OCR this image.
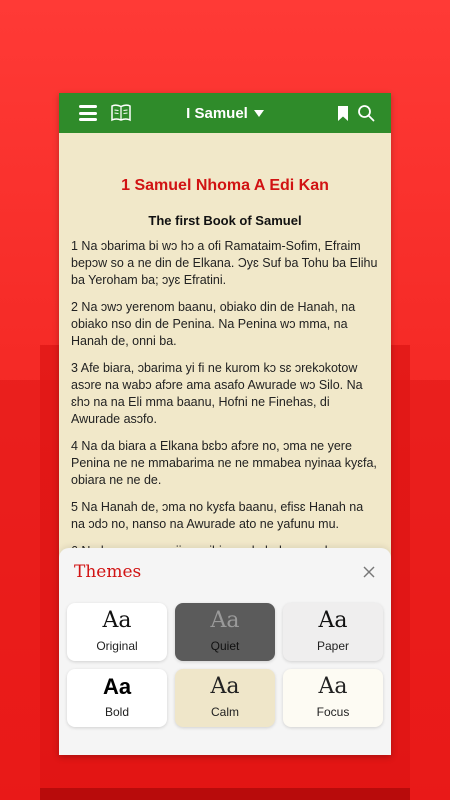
I Samuel
1 Samuel Nhoma A Edi Kan
The first Book of Samuel

1 Na ɔbarima bi wɔ hɔ a ofi Ramataim-Sofim, Efraim bepɔw so a ne din de Elkana. Ɔyɛ Suf ba Tohu ba Elihu ba Yeroham ba; ɔyɛ Efratini.

2 Na ɔwɔ yerenom baanu, obiako din de Hanah, na obiako nso din de Penina. Na Penina wɔ mma, na Hanah de, onni ba.

3 Afe biara, ɔbarima yi fi ne kurom kɔ sɛ ɔrekɔkotow asɔre na wabɔ afɔre ama asafo Awurade wɔ Silo. Na ɛhɔ na na Eli mma baanu, Hofni ne Finehas, di Awurade asɔfo.

4 Na da biara a Elkana bɛbɔ afɔre no, ɔma ne yere Penina ne ne mmabarima ne ne mmabea nyinaa kyɛfa, obiara ne ne de.

5 Na Hanah de, ɔma no kyɛfa baanu, efisɛ Hanah na na ɔdɔ no, nanso na Awurade ato ne yafunu mu.

Themes
Aa
Original
Aa
Quiet
Aa
Paper
Aa
Bold
Aa
Calm
Aa
Focus
